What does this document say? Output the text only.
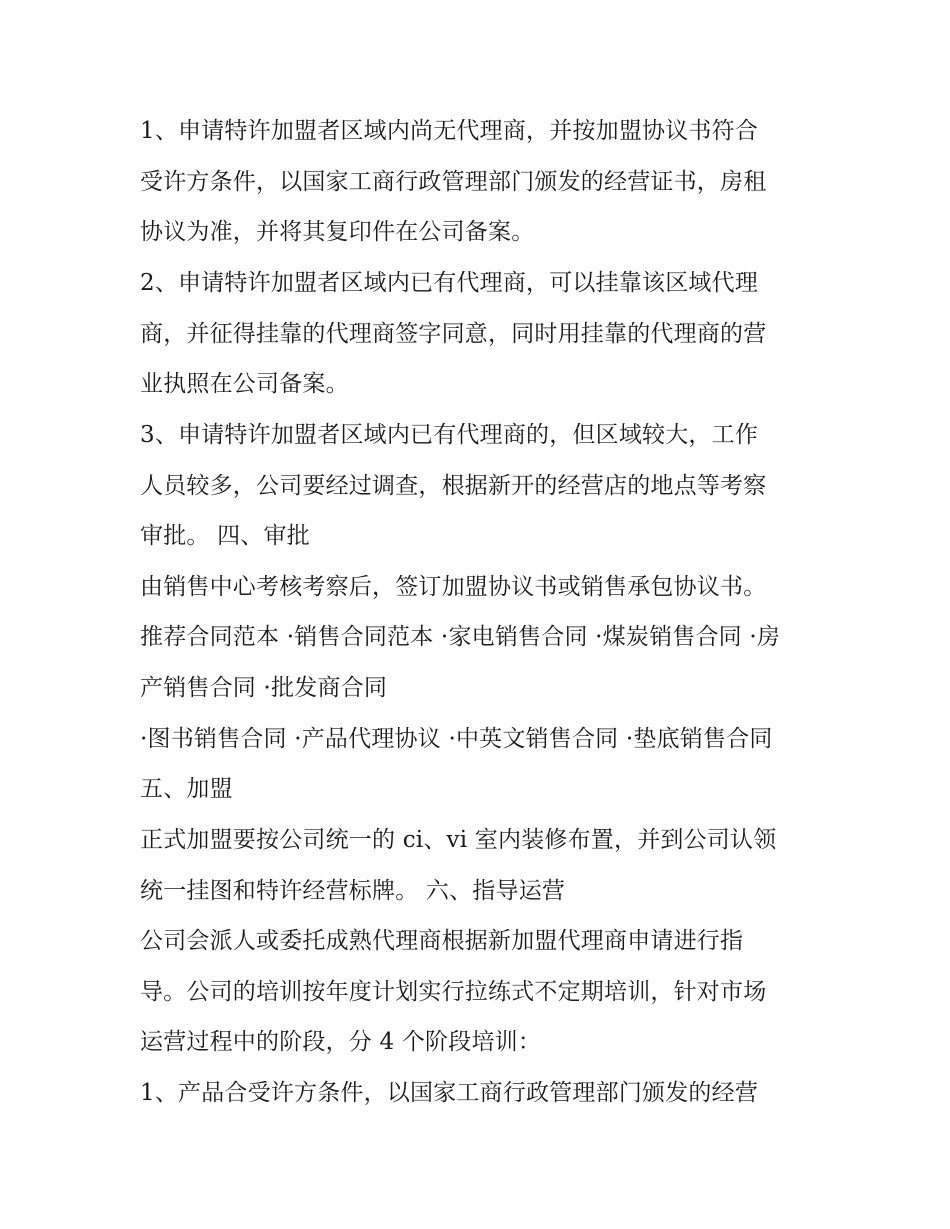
1、申请特许加盟者区域内尚无代理商，并按加盟协议书符合

受许方条件，以国家工商行政管理部门颁发的经营证书，房租

协议为准，并将其复印件在公司备案。

2、申请特许加盟者区域内已有代理商，可以挂靠该区域代理

商，并征得挂靠的代理商签字同意，同时用挂靠的代理商的营

业执照在公司备案。

3、申请特许加盟者区域内已有代理商的，但区域较大，工作

人员较多，公司要经过调查，根据新开的经营店的地点等考察

审批。 四、审批

由销售中心考核考察后，签订加盟协议书或销售承包协议书。

推荐合同范本 ·销售合同范本 ·家电销售合同 ·煤炭销售合同 ·房

产销售合同 ·批发商合同

·图书销售合同 ·产品代理协议 ·中英文销售合同 ·垫底销售合同

五、加盟

正式加盟要按公司统一的 ci、vi 室内装修布置，并到公司认领

统一挂图和特许经营标牌。 六、指导运营

公司会派人或委托成熟代理商根据新加盟代理商申请进行指

导。公司的培训按年度计划实行拉练式不定期培训，针对市场

运营过程中的阶段，分 4 个阶段培训：

1、产品合受许方条件，以国家工商行政管理部门颁发的经营
